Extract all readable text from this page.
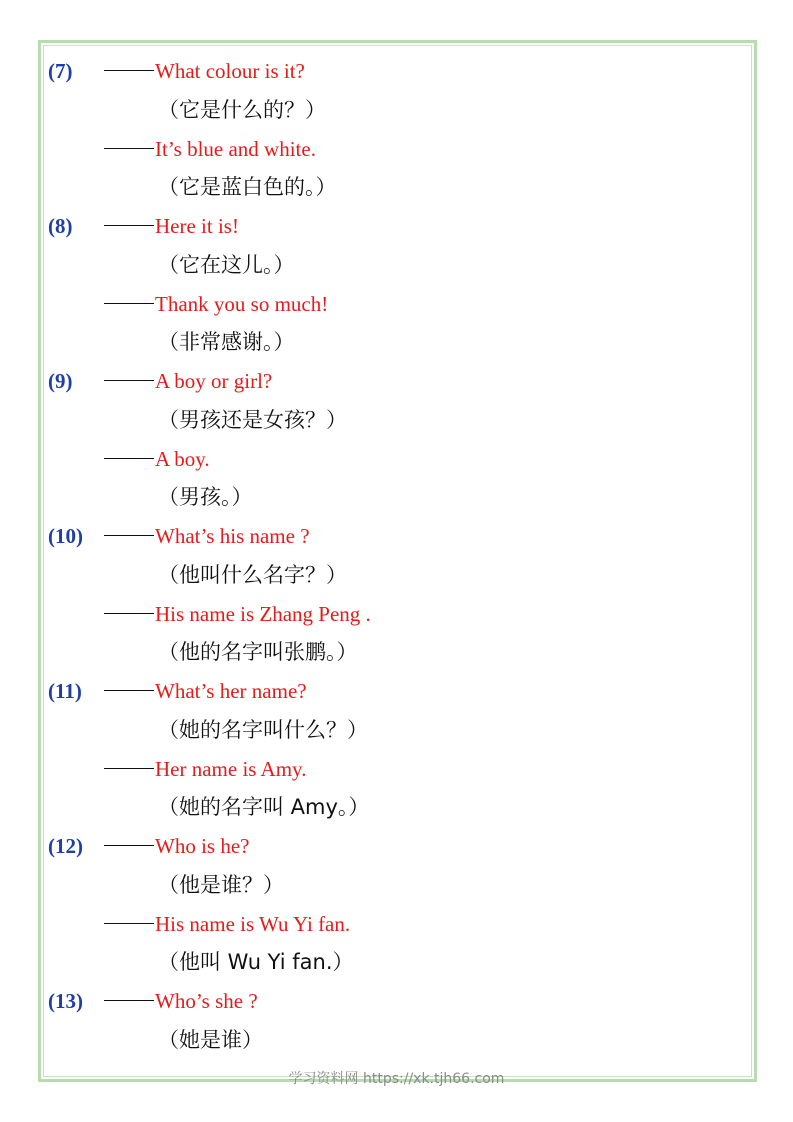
(7)	What colour is it?
（它是什么的？）
It’s blue and white.
（它是蓝白色的。）
(8)	Here it is!
（它在这儿。）
Thank you so much!
（非常感谢。）
(9)	A boy or girl?
（男孩还是女孩？）
A boy.
（男孩。）
(10)	What’s his name ?
（他叫什么名字？）
His name is Zhang Peng .
（他的名字叫张鹏。）
(11)	What’s her name?
（她的名字叫什么？）
Her name is Amy.
（她的名字叫 Amy。）
(12)	Who is he?
（他是谁？）
His name is Wu Yi fan.
（他叫 Wu Yi fan.）
(13)	Who’s she ?
（她是谁）
学习资料网 https://xk.tjh66.com
